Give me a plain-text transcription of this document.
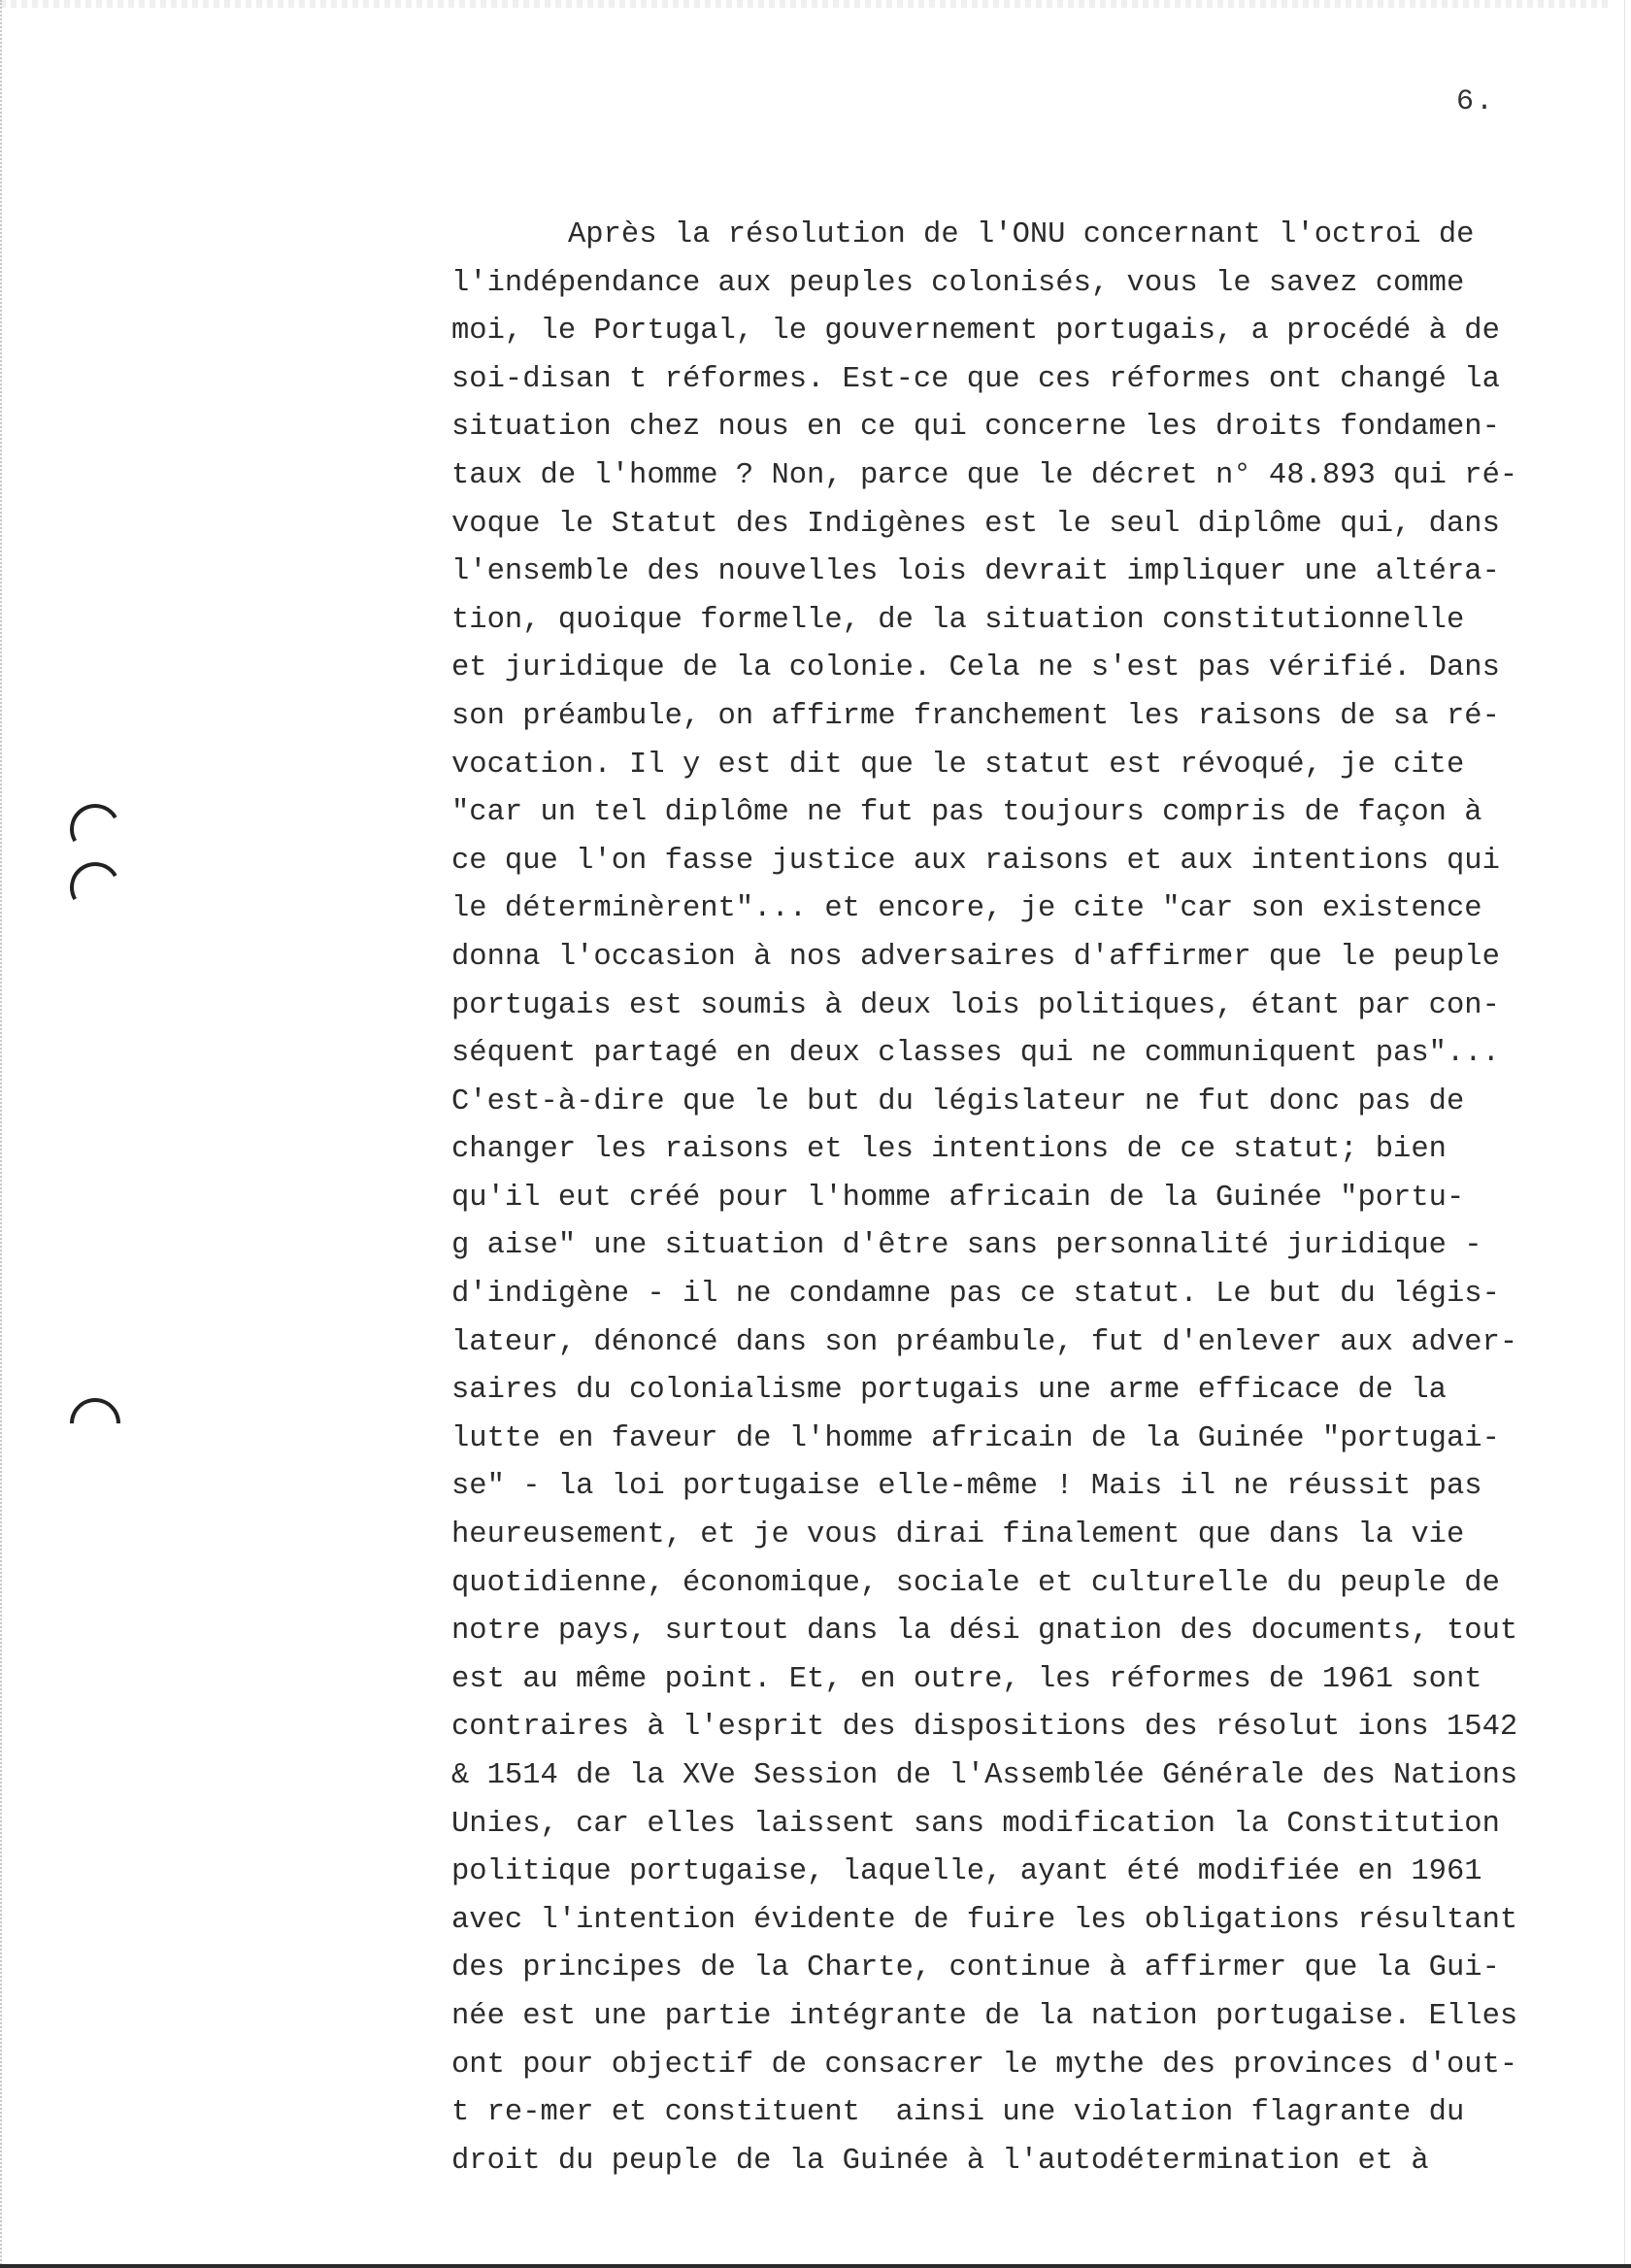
6.
Après la résolution de l'ONU concernant l'octroi de
l'indépendance aux peuples colonisés, vous le savez comme
moi, le Portugal, le gouvernement portugais, a procédé à de
soi-disan t réformes. Est-ce que ces réformes ont changé la
situation chez nous en ce qui concerne les droits fondamen-
taux de l'homme ? Non, parce que le décret n° 48.893 qui ré-
voque le Statut des Indigènes est le seul diplôme qui, dans
l'ensemble des nouvelles lois devrait impliquer une altéra-
tion, quoique formelle, de la situation constitutionnelle
et juridique de la colonie. Cela ne s'est pas vérifié. Dans
son préambule, on affirme franchement les raisons de sa ré-
vocation. Il y est dit que le statut est révoqué, je cite
"car un tel diplôme ne fut pas toujours compris de façon à
ce que l'on fasse justice aux raisons et aux intentions qui
le déterminèrent"... et encore, je cite "car son existence
donna l'occasion à nos adversaires d'affirmer que le peuple
portugais est soumis à deux lois politiques, étant par con-
séquent partagé en deux classes qui ne communiquent pas"...
C'est-à-dire que le but du législateur ne fut donc pas de
changer les raisons et les intentions de ce statut; bien
qu'il eut créé pour l'homme africain de la Guinée "portu-
g aise" une situation d'être sans personnalité juridique -
d'indigène - il ne condamne pas ce statut. Le but du légis-
lateur, dénoncé dans son préambule, fut d'enlever aux adver-
saires du colonialisme portugais une arme efficace de la
lutte en faveur de l'homme africain de la Guinée "portugai-
se" - la loi portugaise elle-même ! Mais il ne réussit pas
heureusement, et je vous dirai finalement que dans la vie
quotidienne, économique, sociale et culturelle du peuple de
notre pays, surtout dans la dési gnation des documents, tout
est au même point. Et, en outre, les réformes de 1961 sont
contraires à l'esprit des dispositions des résolut ions 1542
& 1514 de la XVe Session de l'Assemblée Générale des Nations
Unies, car elles laissent sans modification la Constitution
politique portugaise, laquelle, ayant été modifiée en 1961
avec l'intention évidente de fuire les obligations résultant
des principes de la Charte, continue à affirmer que la Gui-
née est une partie intégrante de la nation portugaise. Elles
ont pour objectif de consacrer le mythe des provinces d'out-
t re-mer et constituent  ainsi une violation flagrante du
droit du peuple de la Guinée à l'autodétermination et à
